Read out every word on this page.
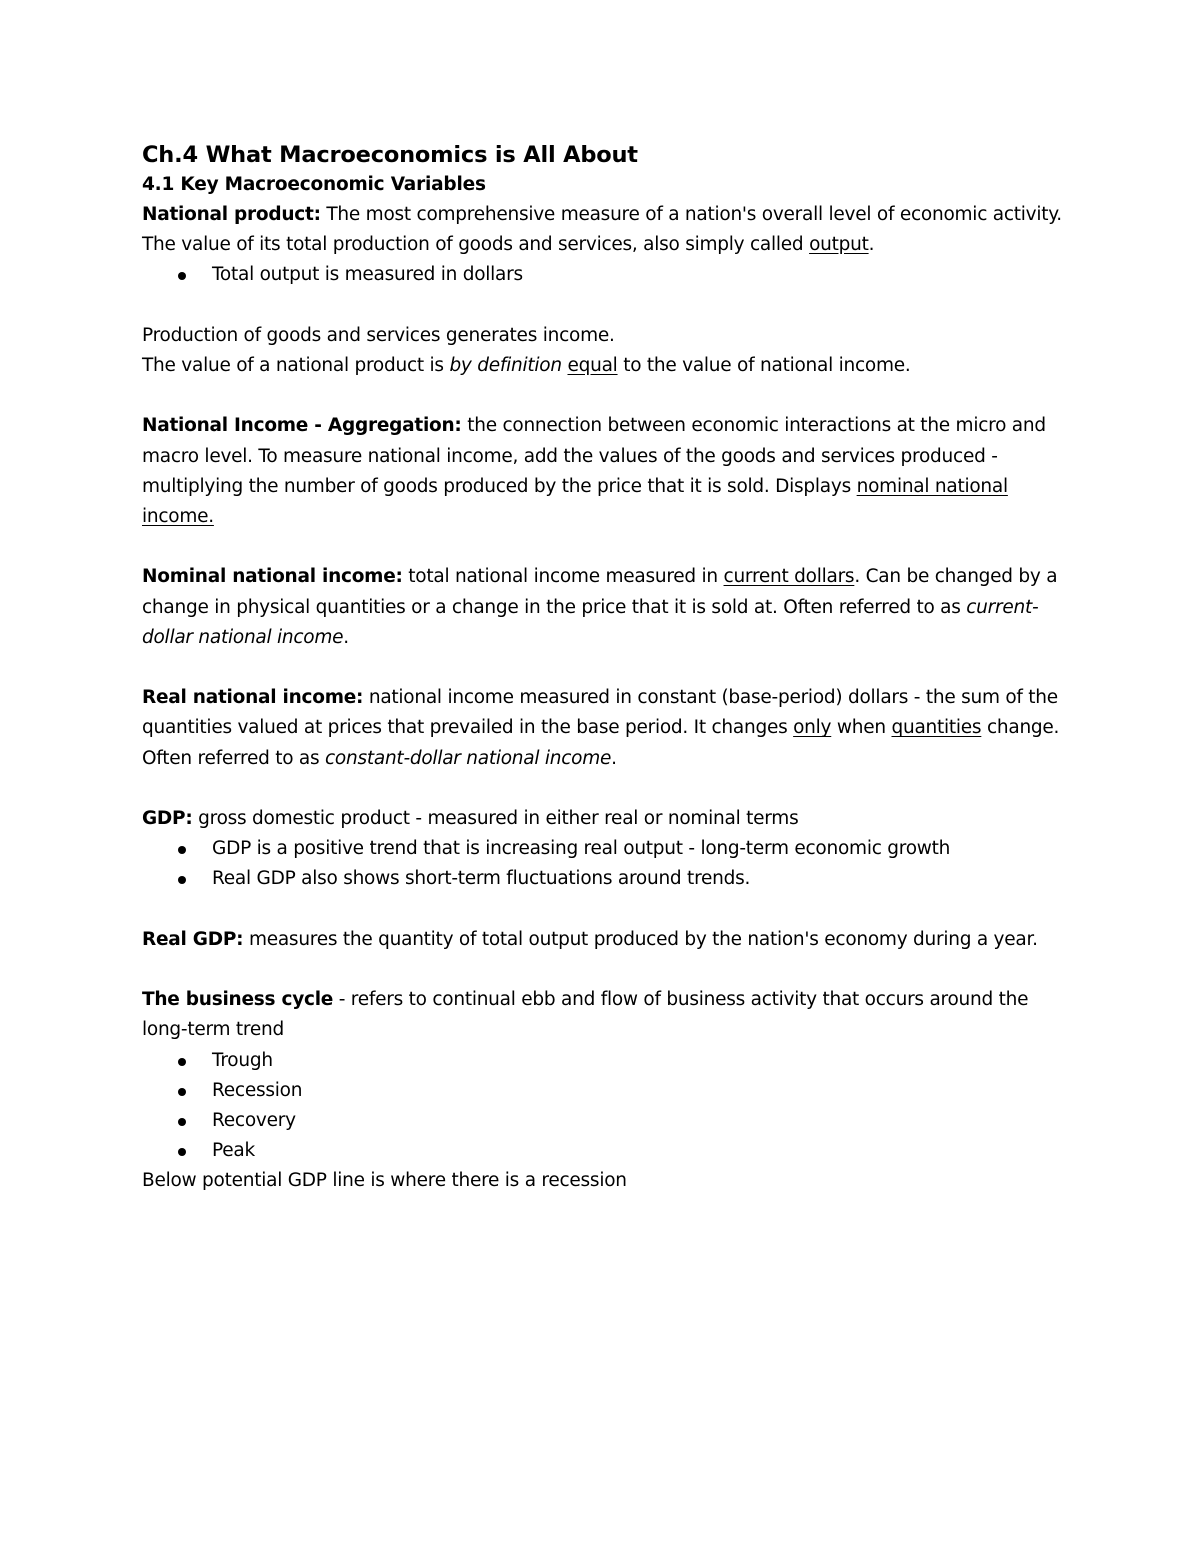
Ch.4 What Macroeconomics is All About
4.1 Key Macroeconomic Variables

National product: The most comprehensive measure of a nation's overall level of economic activity. The value of its total production of goods and services, also simply called output.

Total output is measured in dollars

Production of goods and services generates income.

The value of a national product is by definition equal to the value of national income.

National Income - Aggregation: the connection between economic interactions at the micro and macro level. To measure national income, add the values of the goods and services produced - multiplying the number of goods produced by the price that it is sold. Displays nominal national income.

Nominal national income: total national income measured in current dollars. Can be changed by a change in physical quantities or a change in the price that it is sold at. Often referred to as current-dollar national income.

Real national income: national income measured in constant (base-period) dollars - the sum of the quantities valued at prices that prevailed in the base period. It changes only when quantities change. Often referred to as constant-dollar national income.

GDP: gross domestic product - measured in either real or nominal terms

GDP is a positive trend that is increasing real output - long-term economic growth
Real GDP also shows short-term fluctuations around trends.

Real GDP: measures the quantity of total output produced by the nation's economy during a year.

The business cycle - refers to continual ebb and flow of business activity that occurs around the long-term trend

Trough
Recession
Recovery
Peak

Below potential GDP line is where there is a recession
